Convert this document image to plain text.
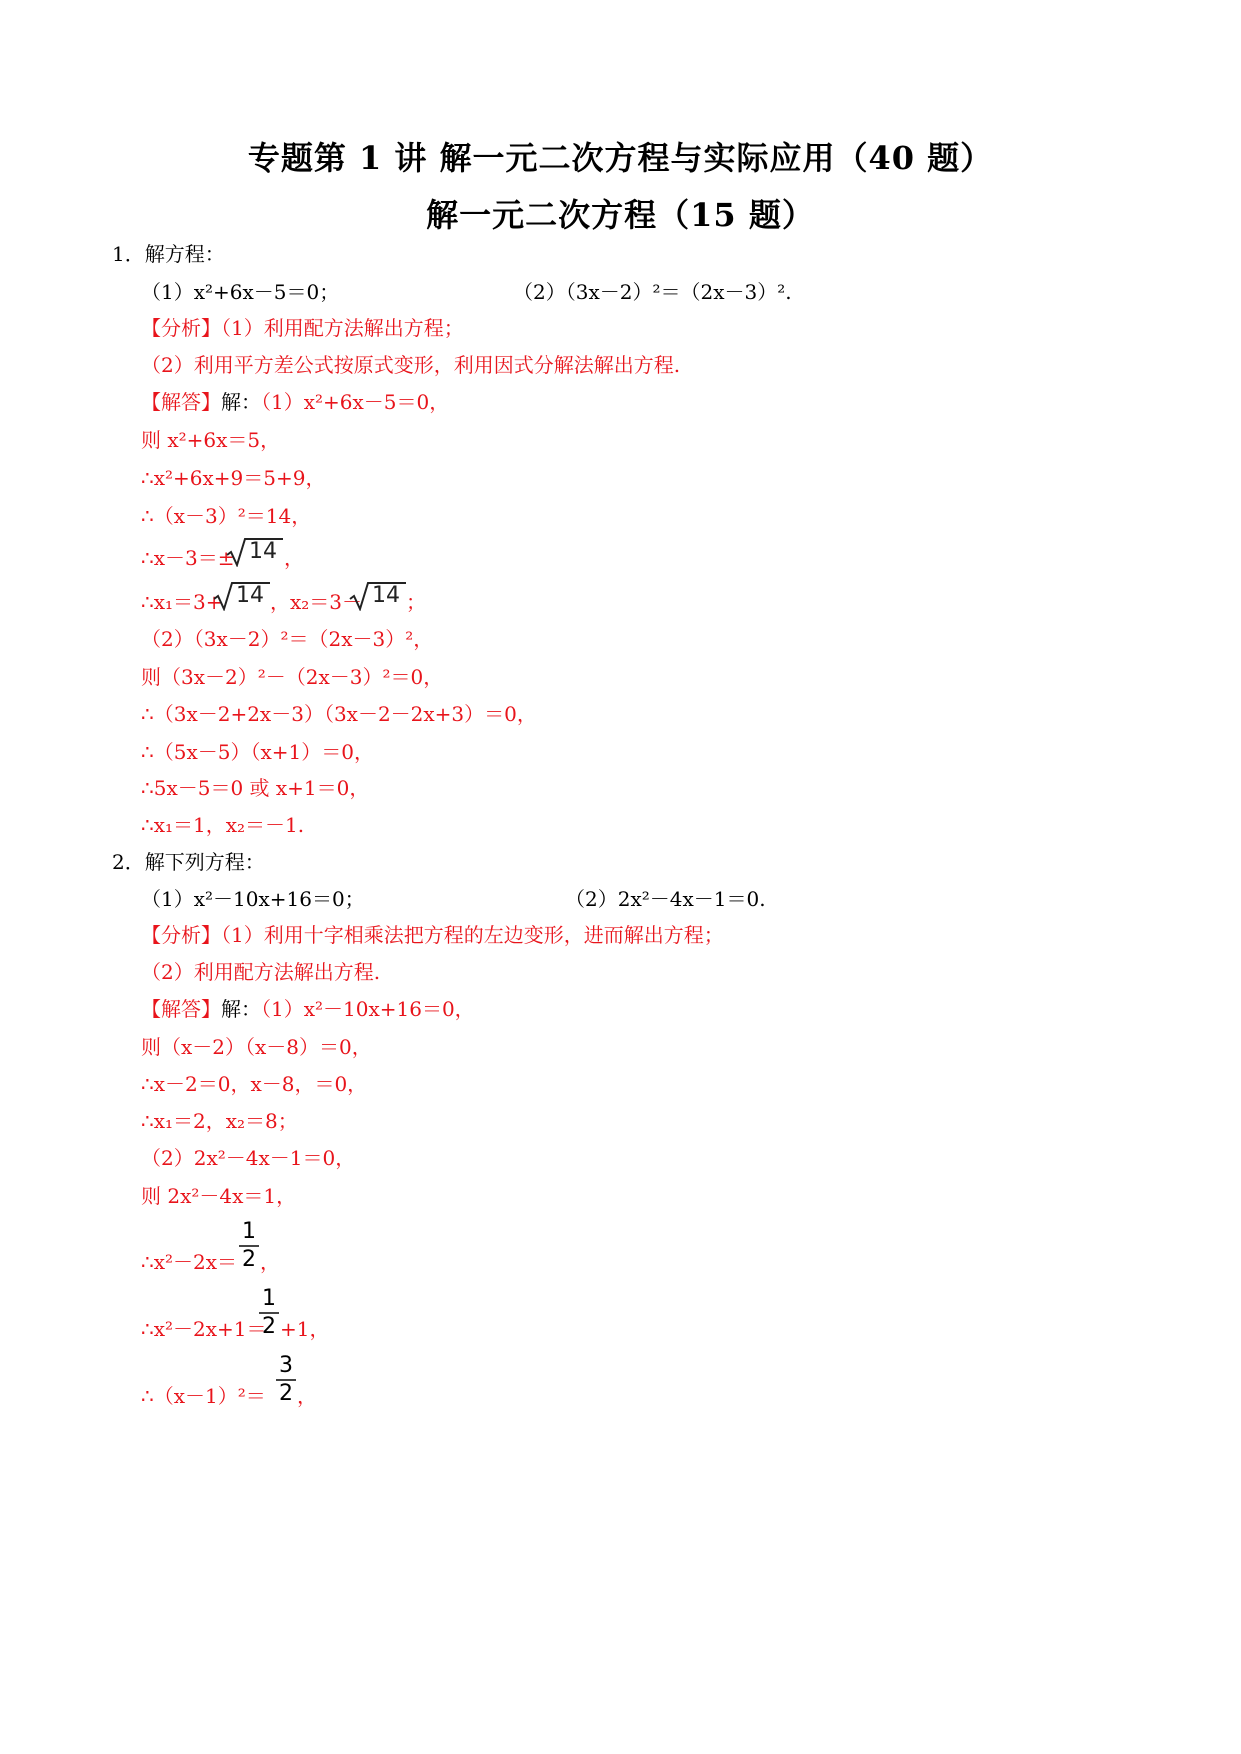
专题第 1 讲 解一元二次方程与实际应用（40 题）
解一元二次方程（15 题）
1．解方程：
（1）x²+6x－5＝0；	（2）（3x－2）²＝（2x－3）².
【分析】（1）利用配方法解出方程；
（2）利用平方差公式按原式变形，利用因式分解法解出方程.
【解答】解：（1）x²+6x－5＝0，
则 x²+6x＝5，
∴x²+6x+9＝5+9，
∴（x－3）²＝14，
∴x－3＝± 14 ，
∴x₁＝3+ 14 ，x₂＝3－ 14 ；
（2）（3x－2）²＝（2x－3）²，
则（3x－2）²－（2x－3）²＝0，
∴（3x－2+2x－3）（3x－2－2x+3）＝0，
∴（5x－5）（x+1）＝0，
∴5x－5＝0 或 x+1＝0，
∴x₁＝1，x₂＝－1.
2．解下列方程：
（1）x²－10x+16＝0；	（2）2x²－4x－1＝0.
【分析】（1）利用十字相乘法把方程的左边变形，进而解出方程；
（2）利用配方法解出方程.
【解答】解：（1）x²－10x+16＝0，
则（x－2）（x－8）＝0，
∴x－2＝0，x－8，＝0，
∴x₁＝2，x₂＝8；
（2）2x²－4x－1＝0，
则 2x²－4x＝1，
∴x²－2x＝
1
2 ，
∴x²－2x+1＝
1
2 +1，
∴（x－1）²＝
3
2 ，
